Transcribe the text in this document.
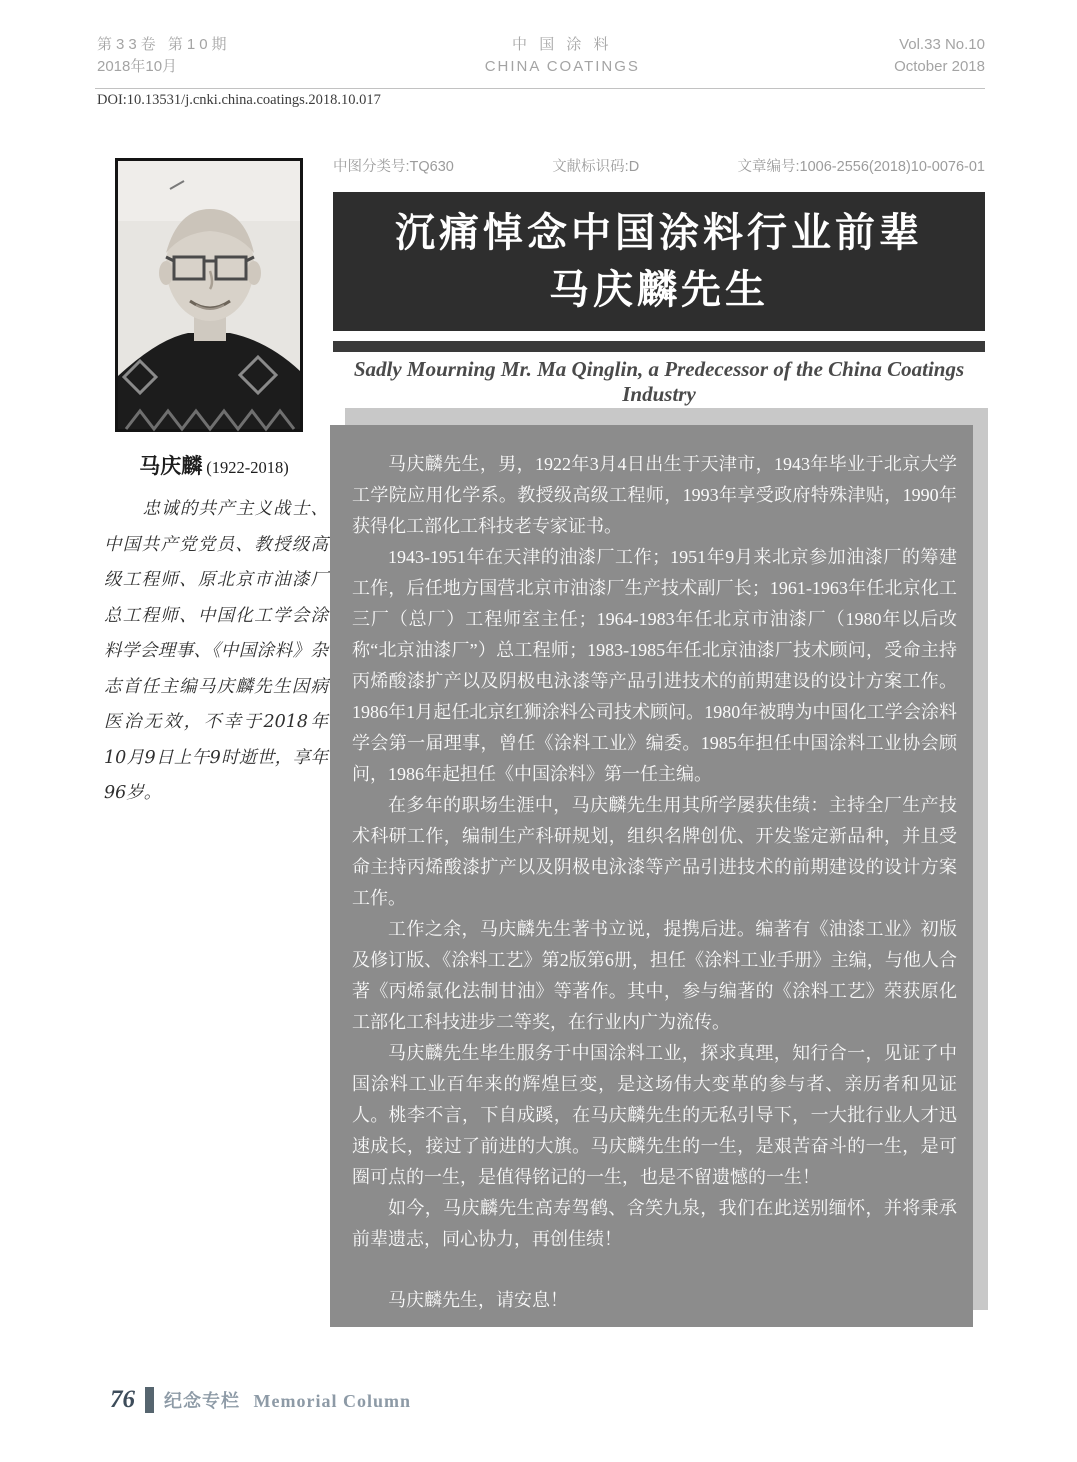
第33卷 第10期
2018年10月
中 国 涂 料
CHINA COATINGS
Vol.33 No.10
October 2018
DOI:10.13531/j.cnki.china.coatings.2018.10.017
中图分类号:TQ630	文献标识码:D	文章编号:1006-2556(2018)10-0076-01
沉痛悼念中国涂料行业前辈
马庆麟先生
Sadly Mourning Mr. Ma Qinglin, a Predecessor of the China Coatings Industry
马庆麟 (1922-2018)

忠诚的共产主义战士、中国共产党党员、教授级高级工程师、原北京市油漆厂总工程师、中国化工学会涂料学会理事、《中国涂料》杂志首任主编马庆麟先生因病医治无效，不幸于2018年10月9日上午9时逝世，享年96岁。

马庆麟先生，男，1922年3月4日出生于天津市，1943年毕业于北京大学工学院应用化学系。教授级高级工程师，1993年享受政府特殊津贴，1990年获得化工部化工科技老专家证书。

1943-1951年在天津的油漆厂工作；1951年9月来北京参加油漆厂的筹建工作，后任地方国营北京市油漆厂生产技术副厂长；1961-1963年任北京化工三厂（总厂）工程师室主任；1964-1983年任北京市油漆厂（1980年以后改称“北京油漆厂”）总工程师；1983-1985年任北京油漆厂技术顾问，受命主持丙烯酸漆扩产以及阴极电泳漆等产品引进技术的前期建设的设计方案工作。1986年1月起任北京红狮涂料公司技术顾问。1980年被聘为中国化工学会涂料学会第一届理事，曾任《涂料工业》编委。1985年担任中国涂料工业协会顾问，1986年起担任《中国涂料》第一任主编。

在多年的职场生涯中，马庆麟先生用其所学屡获佳绩：主持全厂生产技术科研工作，编制生产科研规划，组织名牌创优、开发鉴定新品种，并且受命主持丙烯酸漆扩产以及阴极电泳漆等产品引进技术的前期建设的设计方案工作。

工作之余，马庆麟先生著书立说，提携后进。编著有《油漆工业》初版及修订版、《涂料工艺》第2版第6册，担任《涂料工业手册》主编，与他人合著《丙烯氯化法制甘油》等著作。其中，参与编著的《涂料工艺》荣获原化工部化工科技进步二等奖，在行业内广为流传。

马庆麟先生毕生服务于中国涂料工业，探求真理，知行合一，见证了中国涂料工业百年来的辉煌巨变，是这场伟大变革的参与者、亲历者和见证人。桃李不言，下自成蹊，在马庆麟先生的无私引导下，一大批行业人才迅速成长，接过了前进的大旗。马庆麟先生的一生，是艰苦奋斗的一生，是可圈可点的一生，是值得铭记的一生，也是不留遗憾的一生！

如今，马庆麟先生高寿驾鹤、含笑九泉，我们在此送别缅怀，并将秉承前辈遗志，同心协力，再创佳绩！

马庆麟先生，请安息！

中国涂料工业协会
2018年10月9日
76 纪念专栏 Memorial Column
